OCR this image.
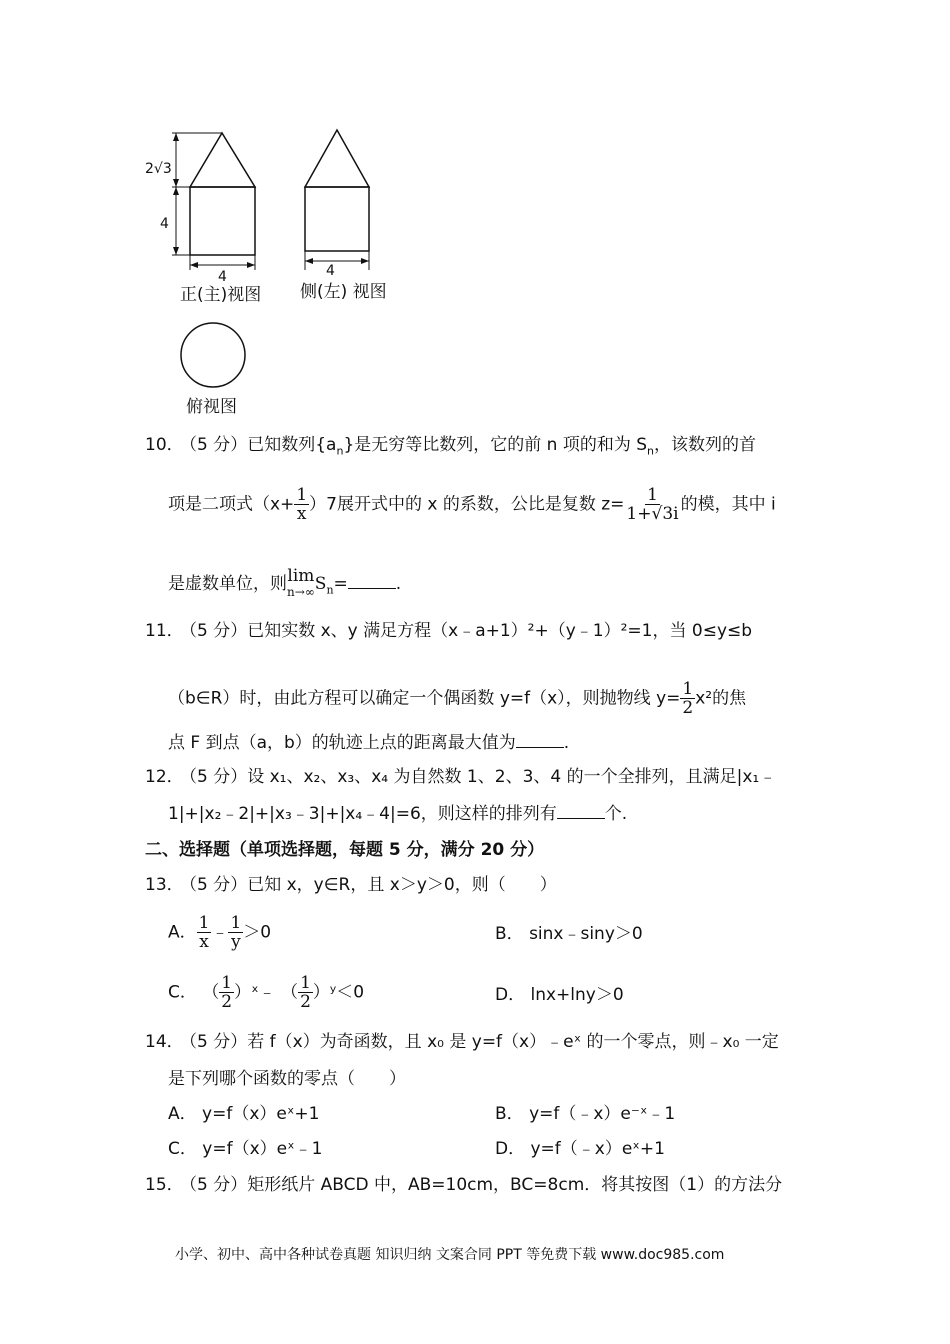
2√3
4
4	4
正(主)视图 侧(左) 视图
俯视图
10．
（5 分）已知数列$\{a_n\}$是无穷等比数列，它的前 n 项的和为 $S_n$，该数列的首
项是二项式$(x+ \frac{1}{x} )7$展开式中的 x 的系数，公比是复数 $z= \frac{1}{1+√3i}$ 的模，其中 i
是虚数单位，则 lim
n→∞ $S_n=$	.
11．
（5 分）已知实数 x、y 满足方程（x﹣a+1）²+（y﹣1）²=1，当 0≤y≤b
（b∈R）时，由此方程可以确定一个偶函数 y=f（x），则抛物线 $y= \frac{1}{2} x^2$的焦
点 F 到点（a，b）的轨迹上点的距离最大值为	.
12．
（5 分）设 x₁、x₂、x₃、x₄ 为自然数 1、2、3、4 的一个全排列，且满足|x₁﹣
1|+|x₂﹣2|+|x₃﹣3|+|x₄﹣4|=6，则这样的排列有	个.
二、选择题（单项选择题，每题 5 分，满分 20 分）
13．
（5 分）已知 x，y∈R，且 x＞y＞0，则（　　）
A． $\frac{1}{x}$ ﹣ $\frac{1}{y} >0$	B． sinx﹣siny＞0
C． （ $\frac{1}{2}$ ）ˣ﹣ （ $\frac{1}{2}$ ）ʸ＜0	D． lnx+lny＞0
14．
（5 分）若 f（x）为奇函数，且 x₀ 是 y=f（x）﹣eˣ 的一个零点，则﹣x₀ 一定
是下列哪个函数的零点（　　）
A． y=f（x）eˣ+1	B． y=f（﹣x）e⁻ˣ﹣1
C． y=f（x）eˣ﹣1	D． y=f（﹣x）eˣ+1
15．
（5 分）矩形纸片 ABCD 中，AB=10cm，BC=8cm．将其按图（1）的方法分
小学、初中、高中各种试卷真题 知识归纳 文案合同 PPT 等免费下载 www.doc985.com
